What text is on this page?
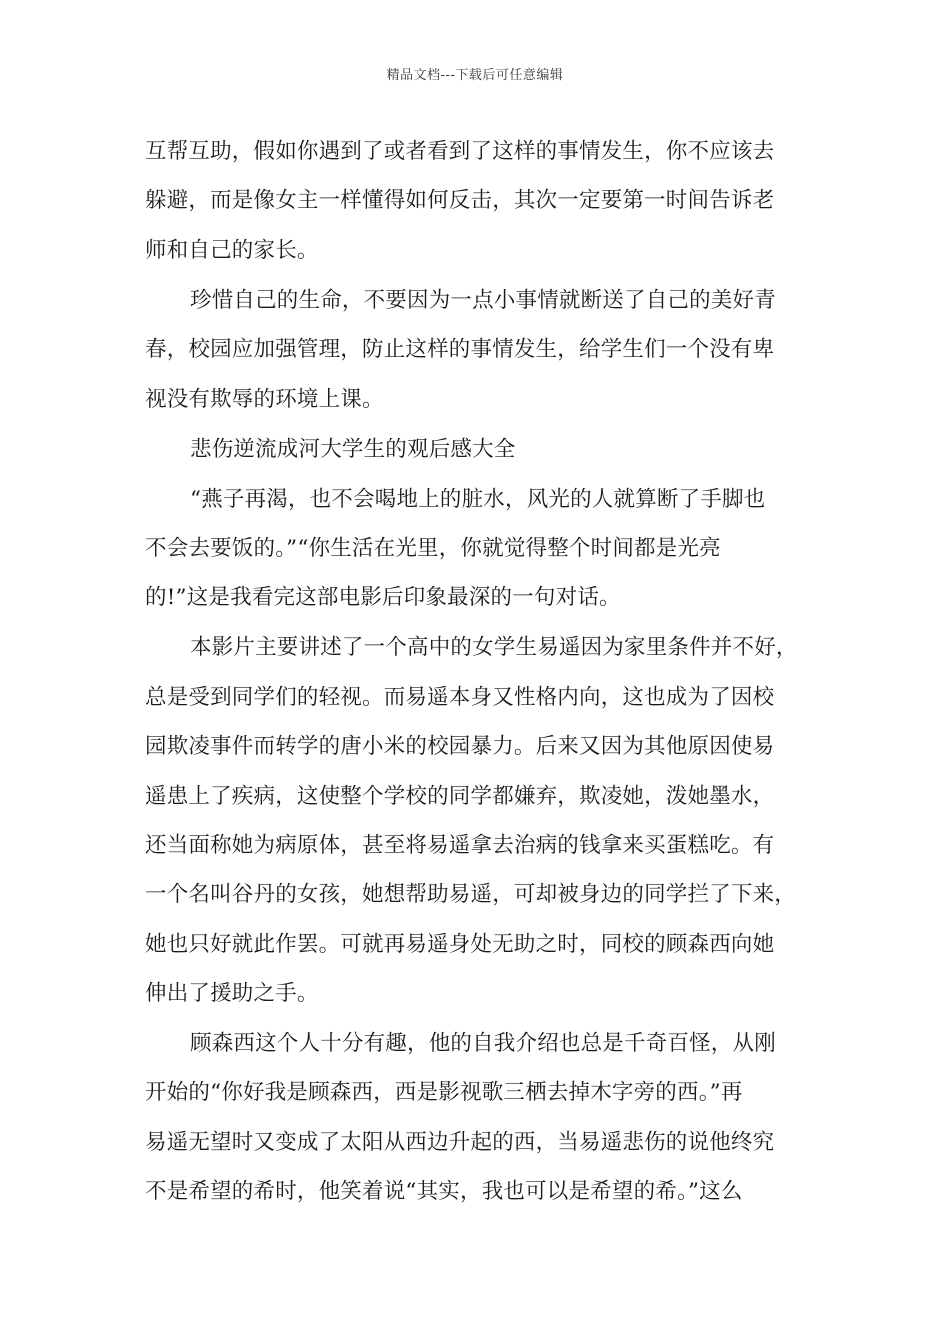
精品文档---下载后可任意编辑
互帮互助，假如你遇到了或者看到了这样的事情发生，你不应该去
躲避，而是像女主一样懂得如何反击，其次一定要第一时间告诉老
师和自己的家长。
珍惜自己的生命，不要因为一点小事情就断送了自己的美好青
春，校园应加强管理，防止这样的事情发生，给学生们一个没有卑
视没有欺辱的环境上课。
悲伤逆流成河大学生的观后感大全
“燕子再渴，也不会喝地上的脏水，风光的人就算断了手脚也
不会去要饭的。”“你生活在光里，你就觉得整个时间都是光亮
的!”这是我看完这部电影后印象最深的一句对话。
本影片主要讲述了一个高中的女学生易遥因为家里条件并不好，
总是受到同学们的轻视。而易遥本身又性格内向，这也成为了因校
园欺凌事件而转学的唐小米的校园暴力。后来又因为其他原因使易
遥患上了疾病，这使整个学校的同学都嫌弃，欺凌她，泼她墨水，
还当面称她为病原体，甚至将易遥拿去治病的钱拿来买蛋糕吃。有
一个名叫谷丹的女孩，她想帮助易遥，可却被身边的同学拦了下来，
她也只好就此作罢。可就再易遥身处无助之时，同校的顾森西向她
伸出了援助之手。
顾森西这个人十分有趣，他的自我介绍也总是千奇百怪，从刚
开始的“你好我是顾森西，西是影视歌三栖去掉木字旁的西。”再
易遥无望时又变成了太阳从西边升起的西，当易遥悲伤的说他终究
不是希望的希时，他笑着说“其实，我也可以是希望的希。”这么
